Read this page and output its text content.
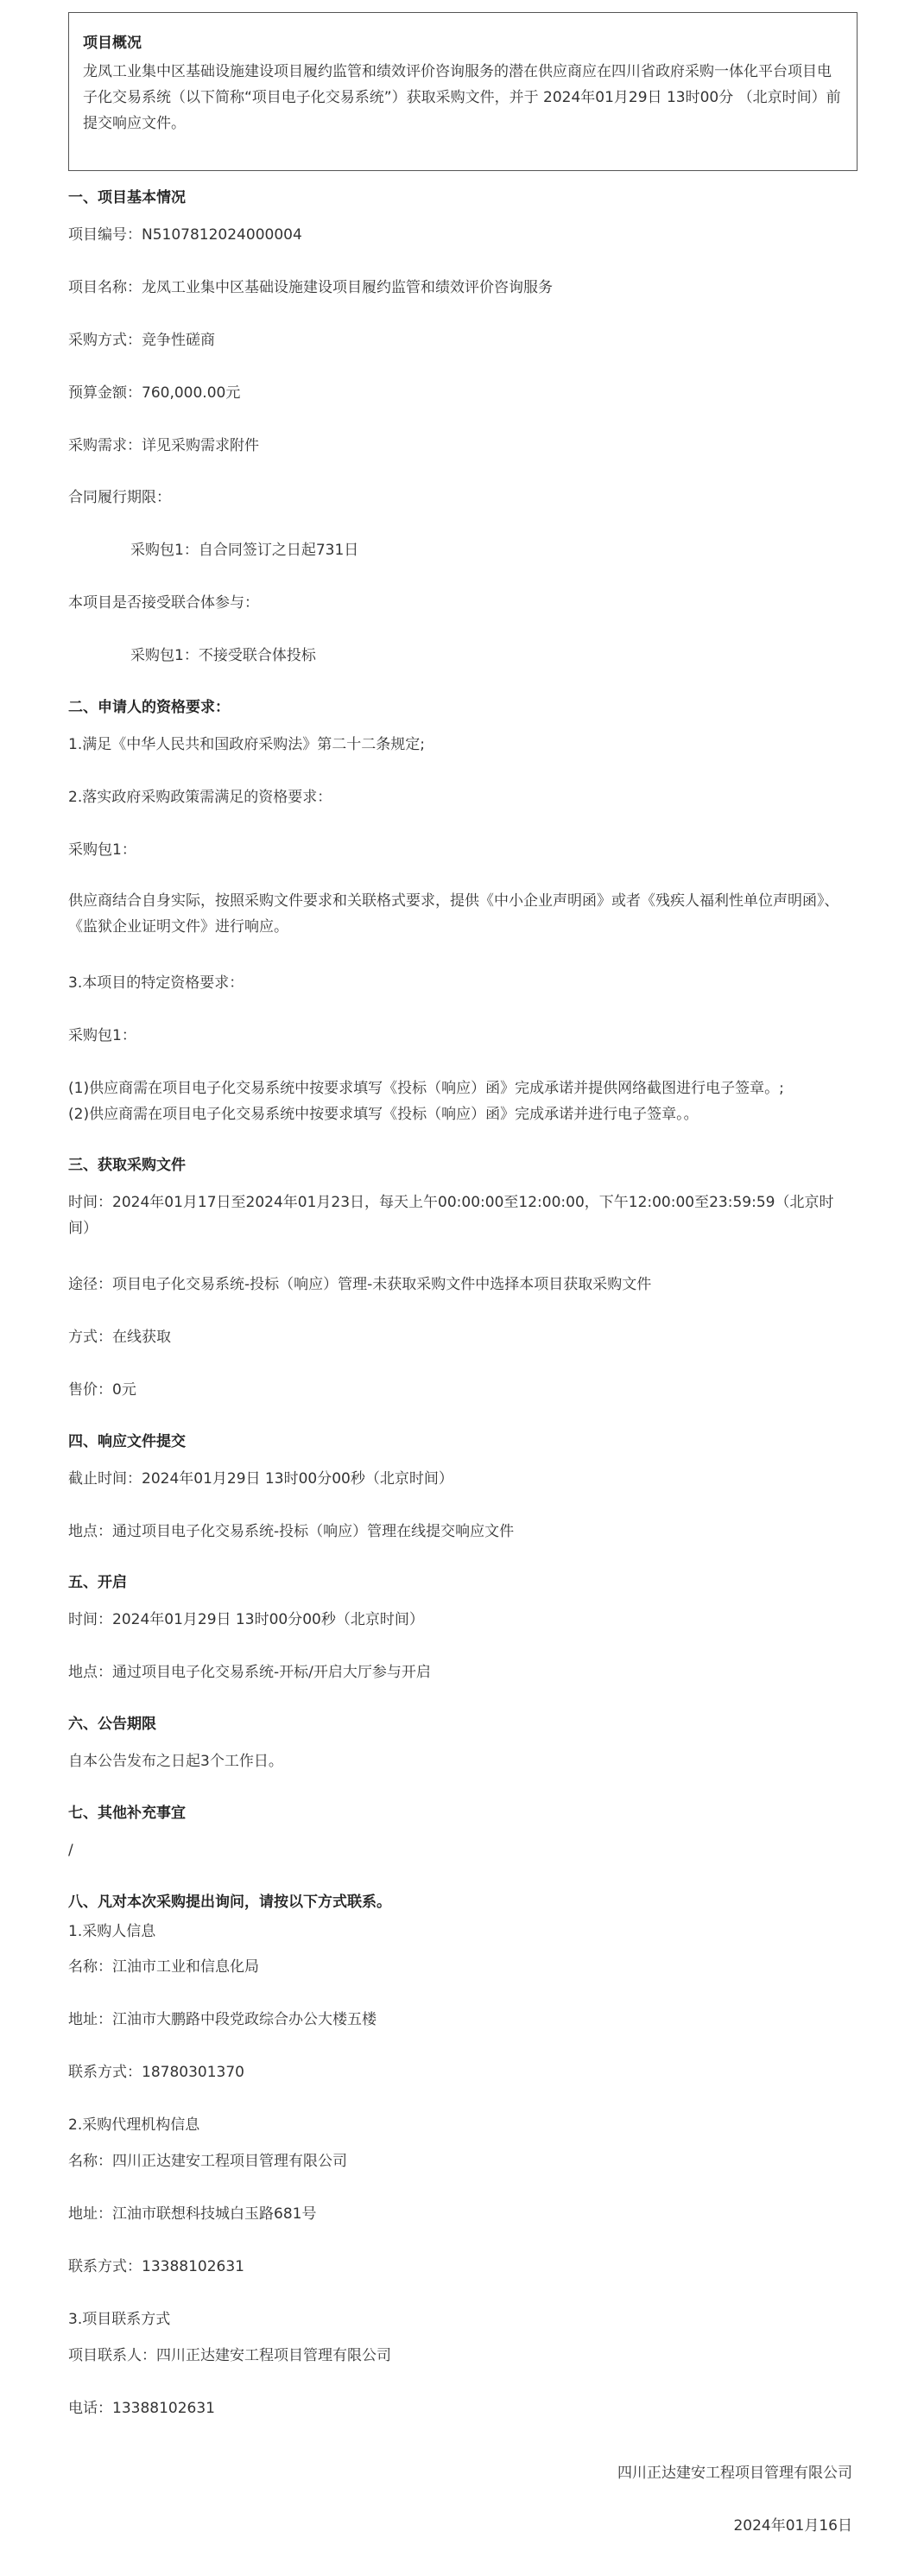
项目概况
龙凤工业集中区基础设施建设项目履约监管和绩效评价咨询服务的潜在供应商应在四川省政府采购一体化平台项目电子化交易系统（以下简称“项目电子化交易系统”）获取采购文件，并于 2024年01月29日 13时00分 （北京时间）前提交响应文件。
一、项目基本情况
项目编号：N5107812024000004
项目名称：龙凤工业集中区基础设施建设项目履约监管和绩效评价咨询服务
采购方式：竞争性磋商
预算金额：760,000.00元
采购需求：详见采购需求附件
合同履行期限：
采购包1：自合同签订之日起731日
本项目是否接受联合体参与：
采购包1：不接受联合体投标
二、申请人的资格要求：
1.满足《中华人民共和国政府采购法》第二十二条规定;
2.落实政府采购政策需满足的资格要求：
采购包1：
供应商结合自身实际，按照采购文件要求和关联格式要求，提供《中小企业声明函》或者《残疾人福利性单位声明函》、《监狱企业证明文件》进行响应。
3.本项目的特定资格要求：
采购包1：
(1)供应商需在项目电子化交易系统中按要求填写《投标（响应）函》完成承诺并提供网络截图进行电子签章。;
(2)供应商需在项目电子化交易系统中按要求填写《投标（响应）函》完成承诺并进行电子签章。。
三、获取采购文件
时间：2024年01月17日至2024年01月23日，每天上午00:00:00至12:00:00，下午12:00:00至23:59:59（北京时间）
途径：项目电子化交易系统-投标（响应）管理-未获取采购文件中选择本项目获取采购文件
方式：在线获取
售价：0元
四、响应文件提交
截止时间：2024年01月29日 13时00分00秒（北京时间）
地点：通过项目电子化交易系统-投标（响应）管理在线提交响应文件
五、开启
时间：2024年01月29日 13时00分00秒（北京时间）
地点：通过项目电子化交易系统-开标/开启大厅参与开启
六、公告期限
自本公告发布之日起3个工作日。
七、其他补充事宜
/
八、凡对本次采购提出询问，请按以下方式联系。
1.采购人信息
名称：江油市工业和信息化局
地址：江油市大鹏路中段党政综合办公大楼五楼
联系方式：18780301370
2.采购代理机构信息
名称：四川正达建安工程项目管理有限公司
地址：江油市联想科技城白玉路681号
联系方式：13388102631
3.项目联系方式
项目联系人：四川正达建安工程项目管理有限公司
电话：13388102631
四川正达建安工程项目管理有限公司
2024年01月16日
